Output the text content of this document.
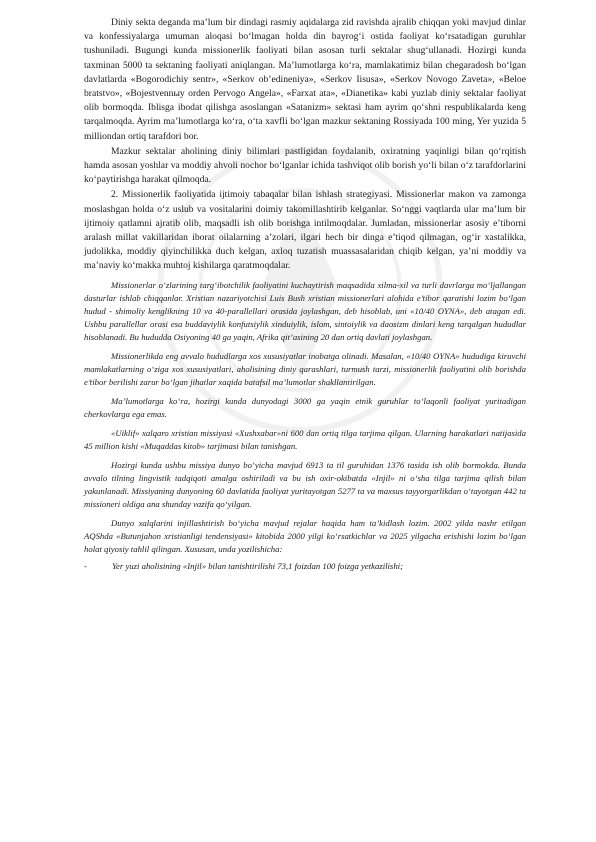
Diniy sekta deganda ma’lum bir dindagi rasmiy aqidalarga zid ravishda ajralib chiqqan yoki mavjud dinlar va konfessiyalarga umuman aloqasi bo‘lmagan holda din bayrog‘i ostida faoliyat ko‘rsatadigan guruhlar tushuniladi. Bugungi kunda missionerlik faoliyati bilan asosan turli sektalar shug‘ullanadi. Hozirgi kunda taxminan 5000 ta sektaning faoliyati aniqlangan. Ma’lumotlarga ko‘ra, mamlakatimiz bilan chegaradosh bo‘lgan davlatlarda «Bogorodichiy sentr», «Serkov ob’edineniya», «Serkov Iisusa», «Serkov Novogo Zaveta», «Beloe bratstvo», «Bojestvennыy orden Pervogo Angela», «Farxat ata», «Dianetika» kabi yuzlab diniy sektalar faoliyat olib bormoqda. Iblisga ibodat qilishga asoslangan «Satanizm» sektasi ham ayrim qo‘shni respublikalarda keng tarqalmoqda. Ayrim ma’lumotlarga ko‘ra, o‘ta xavfli bo‘lgan mazkur sektaning Rossiyada 100 ming, Yer yuzida 5 milliondan ortiq tarafdori bor.

Mazkur sektalar aholining diniy bilimlari pastligidan foydalanib, oxiratning yaqinligi bilan qo‘rqitish hamda asosan yoshlar va moddiy ahvoli nochor bo‘lganlar ichida tashviqot olib borish yo‘li bilan o‘z tarafdorlarini ko‘paytirishga harakat qilmoqda.

2. Missionerlik faoliyatida ijtimoiy tabaqalar bilan ishlash strategiyasi. Missionerlar makon va zamonga moslashgan holda o‘z uslub va vositalarini doimiy takomillashtirib kelganlar. So‘nggi vaqtlarda ular ma’lum bir ijtimoiy qatlamni ajratib olib, maqsadli ish olib borishga intilmoqdalar. Jumladan, missionerlar asosiy e’tiborni aralash millat vakillaridan iborat oilalarning a’zolari, ilgari hech bir dinga e’tiqod qilmagan, og‘ir xastalikka, judolikka, moddiy qiyinchilikka duch kelgan, axloq tuzatish muassasalaridan chiqib kelgan, ya’ni moddiy va ma’naviy ko‘makka muhtoj kishilarga qaratmoqdalar.

Missionerlar o‘zlarining targ‘ibotchilik faoliyatini kuchaytirish maqsadida xilma-xil va turli davrlarga mo‘ljallangan dasturlar ishlab chiqqanlar. Xristian nazariyotchisi Luis Bush xristian missionerlari alohida e’tibor qaratishi lozim bo‘lgan hudud - shimoliy kenglikning 10 va 40-parallellari orasida joylashgan, deb hisoblab, uni «10/40 OYNA», deb atagan edi. Ushbu parallellar orasi esa buddaviylik konfutsiylik xinduiylik, islom, sintoiylik va daosizm dinlari keng tarqalgan hududlar hisoblanadi. Bu hududda Osiyoning 40 ga yaqin, Afrika qit’asining 20 dan ortiq davlati joylashgan.

Missionerlikda eng avvalo hududlarga xos xususiyatlar inobatga olinadi. Masalan, «10/40 OYNA» hududiga kiruvchi mamlakatlarning o‘ziga xos xususiyatlari, aholisining diniy qarashlari, turmush tarzi, missionerlik faoliyatini olib borishda e’tibor berilishi zarur bo‘lgan jihatlar xaqida batafsil ma’lumotlar shakllantirilgan.

Ma’lumotlarga ko‘ra, hozirgi kunda dunyodagi 3000 ga yaqin etnik guruhlar to‘laqonli faoliyat yuritadigan cherkovlarga ega emas.

«Uiklif» xalqaro xristian missiyasi «Xushxabar»ni 600 dan ortiq tilga tarjima qilgan. Ularning harakatlari natijasida 45 million kishi «Muqaddas kitob» tarjimasi bilan tanishgan.

Hozirgi kunda ushbu missiya dunyo bo‘yicha mavjud 6913 ta til guruhidan 1376 tasida ish olib bormokda. Bunda avvalo tilning lingvistik tadqiqoti amalga oshiriladi va bu ish oxir-okibatda «Injil» ni o‘sha tilga tarjima qilish bilan yakunlanadi. Missiyaning dunyoning 60 davlatida faoliyat yuritayotgan 5277 ta va maxsus tayyorgarlikdan o‘tayotgan 442 ta missioneri oldiga ana shunday vazifa qo‘yilgan.

Dunyo xalqlarini injillashtirish bo‘yicha mavjud rejalar haqida ham ta’kidlash lozim. 2002 yilda nashr etilgan AQShda «Butunjahon xristianligi tendensiyasi» kitobida 2000 yilgi ko‘rsatkichlar va 2025 yilgacha erishishi lozim bo‘lgan holat qiyosiy tahlil qilingan. Xususan, unda yozilishicha:

-	Yer yuzi aholisining «Injil» bilan tanishtirilishi 73,1 foizdan 100 foizga yetkazilishi;
